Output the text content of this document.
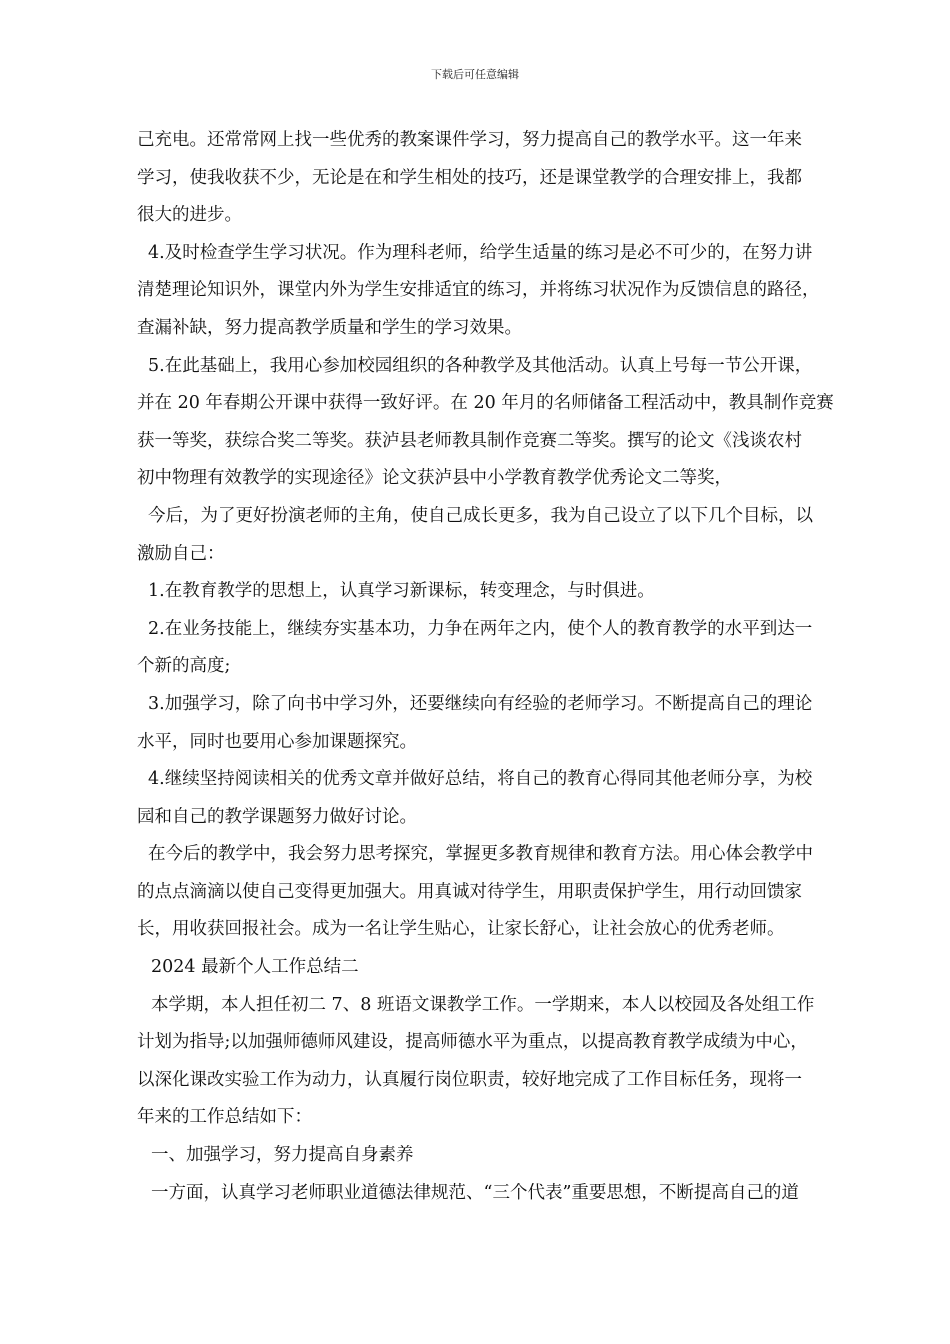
下载后可任意编辑
己充电。还常常网上找一些优秀的教案课件学习，努力提高自己的教学水平。这一年来
学习，使我收获不少，无论是在和学生相处的技巧，还是课堂教学的合理安排上，我都
很大的进步。
4.及时检查学生学习状况。作为理科老师，给学生适量的练习是必不可少的，在努力讲
清楚理论知识外，课堂内外为学生安排适宜的练习，并将练习状况作为反馈信息的路径，
查漏补缺，努力提高教学质量和学生的学习效果。
5.在此基础上，我用心参加校园组织的各种教学及其他活动。认真上号每一节公开课，
并在 20 年春期公开课中获得一致好评。在 20 年月的名师储备工程活动中，教具制作竞赛
获一等奖，获综合奖二等奖。获泸县老师教具制作竞赛二等奖。撰写的论文《浅谈农村
初中物理有效教学的实现途径》论文获泸县中小学教育教学优秀论文二等奖，
今后，为了更好扮演老师的主角，使自己成长更多，我为自己设立了以下几个目标，以
激励自己：
1.在教育教学的思想上，认真学习新课标，转变理念，与时俱进。
2.在业务技能上，继续夯实基本功，力争在两年之内，使个人的教育教学的水平到达一
个新的高度;
3.加强学习，除了向书中学习外，还要继续向有经验的老师学习。不断提高自己的理论
水平，同时也要用心参加课题探究。
4.继续坚持阅读相关的优秀文章并做好总结，将自己的教育心得同其他老师分享，为校
园和自己的教学课题努力做好讨论。
在今后的教学中，我会努力思考探究，掌握更多教育规律和教育方法。用心体会教学中
的点点滴滴以使自己变得更加强大。用真诚对待学生，用职责保护学生，用行动回馈家
长，用收获回报社会。成为一名让学生贴心，让家长舒心，让社会放心的优秀老师。
2024 最新个人工作总结二
本学期，本人担任初二 7、8 班语文课教学工作。一学期来，本人以校园及各处组工作
计划为指导;以加强师德师风建设，提高师德水平为重点，以提高教育教学成绩为中心，
以深化课改实验工作为动力，认真履行岗位职责，较好地完成了工作目标任务，现将一
年来的工作总结如下：
一、加强学习，努力提高自身素养
一方面，认真学习老师职业道德法律规范、“三个代表”重要思想，不断提高自己的道
